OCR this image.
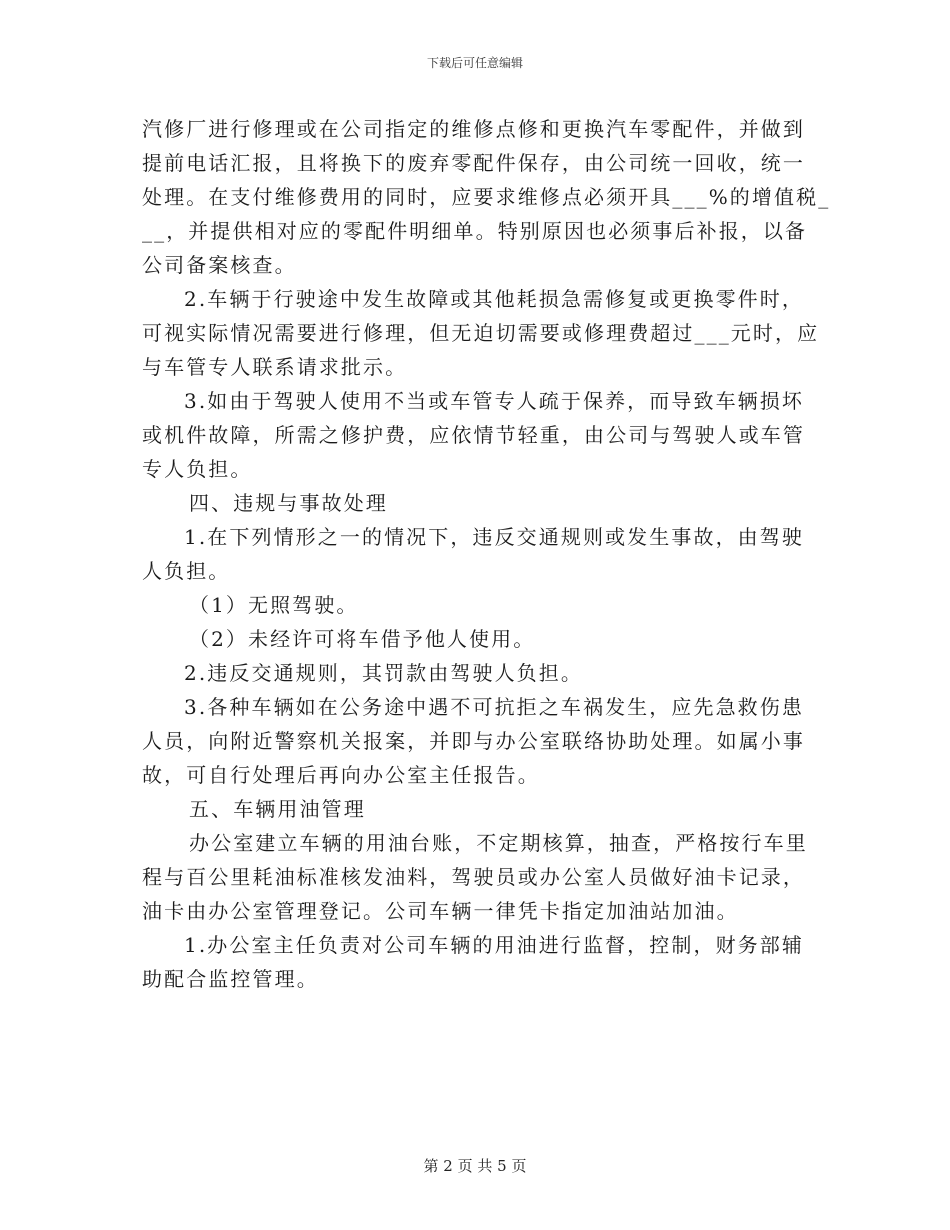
下载后可任意编辑
汽修厂进行修理或在公司指定的维修点修和更换汽车零配件，并做到
提前电话汇报，且将换下的废弃零配件保存，由公司统一回收，统一
处理。在支付维修费用的同时，应要求维修点必须开具___%的增值税_
__，并提供相对应的零配件明细单。特别原因也必须事后补报，以备
公司备案核查。
2.车辆于行驶途中发生故障或其他耗损急需修复或更换零件时，
可视实际情况需要进行修理，但无迫切需要或修理费超过___元时，应
与车管专人联系请求批示。
3.如由于驾驶人使用不当或车管专人疏于保养，而导致车辆损坏
或机件故障，所需之修护费，应依情节轻重，由公司与驾驶人或车管
专人负担。
四、违规与事故处理
1.在下列情形之一的情况下，违反交通规则或发生事故，由驾驶
人负担。
（1）无照驾驶。
（2）未经许可将车借予他人使用。
2.违反交通规则，其罚款由驾驶人负担。
3.各种车辆如在公务途中遇不可抗拒之车祸发生，应先急救伤患
人员，向附近警察机关报案，并即与办公室联络协助处理。如属小事
故，可自行处理后再向办公室主任报告。
五、车辆用油管理
办公室建立车辆的用油台账，不定期核算，抽查，严格按行车里
程与百公里耗油标准核发油料，驾驶员或办公室人员做好油卡记录，
油卡由办公室管理登记。公司车辆一律凭卡指定加油站加油。
1.办公室主任负责对公司车辆的用油进行监督，控制，财务部辅
助配合监控管理。
第 2 页 共 5 页
